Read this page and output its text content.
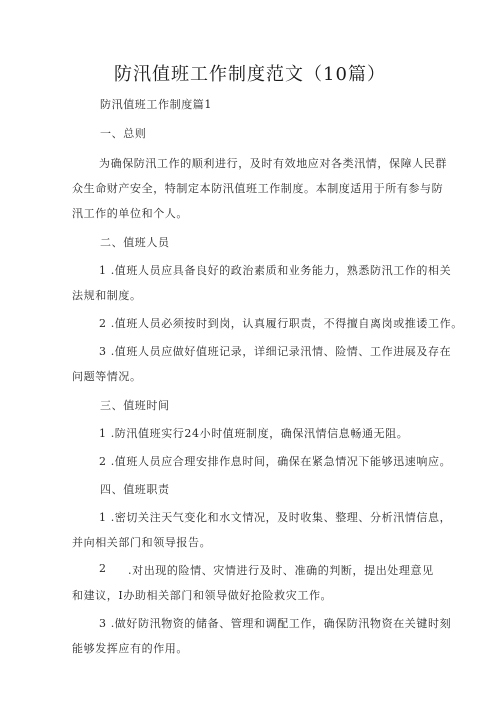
防汛值班工作制度范文（10篇）
防汛值班工作制度篇1
一、总则
为确保防汛工作的顺利进行，及时有效地应对各类汛情，保障人民群
众生命财产安全，特制定本防汛值班工作制度。本制度适用于所有参与防
汛工作的单位和个人。
二、值班人员
1 .值班人员应具备良好的政治素质和业务能力，熟悉防汛工作的相关
法规和制度。
2 .值班人员必须按时到岗，认真履行职责，不得擅自离岗或推诿工作。
3 .值班人员应做好值班记录，详细记录汛情、险情、工作进展及存在
问题等情况。
三、值班时间
1 .防汛值班实行24小时值班制度，确保汛情信息畅通无阻。
2 .值班人员应合理安排作息时间，确保在紧急情况下能够迅速响应。
四、值班职责
1 .密切关注天气变化和水文情况，及时收集、整理、分析汛情信息，
并向相关部门和领导报告。
2 .对出现的险情、灾情进行及时、准确的判断，提出处理意见
和建议，Ⅰ办助相关部门和领导做好抢险救灾工作。
3 .做好防汛物资的储备、管理和调配工作，确保防汛物资在关键时刻
能够发挥应有的作用。
